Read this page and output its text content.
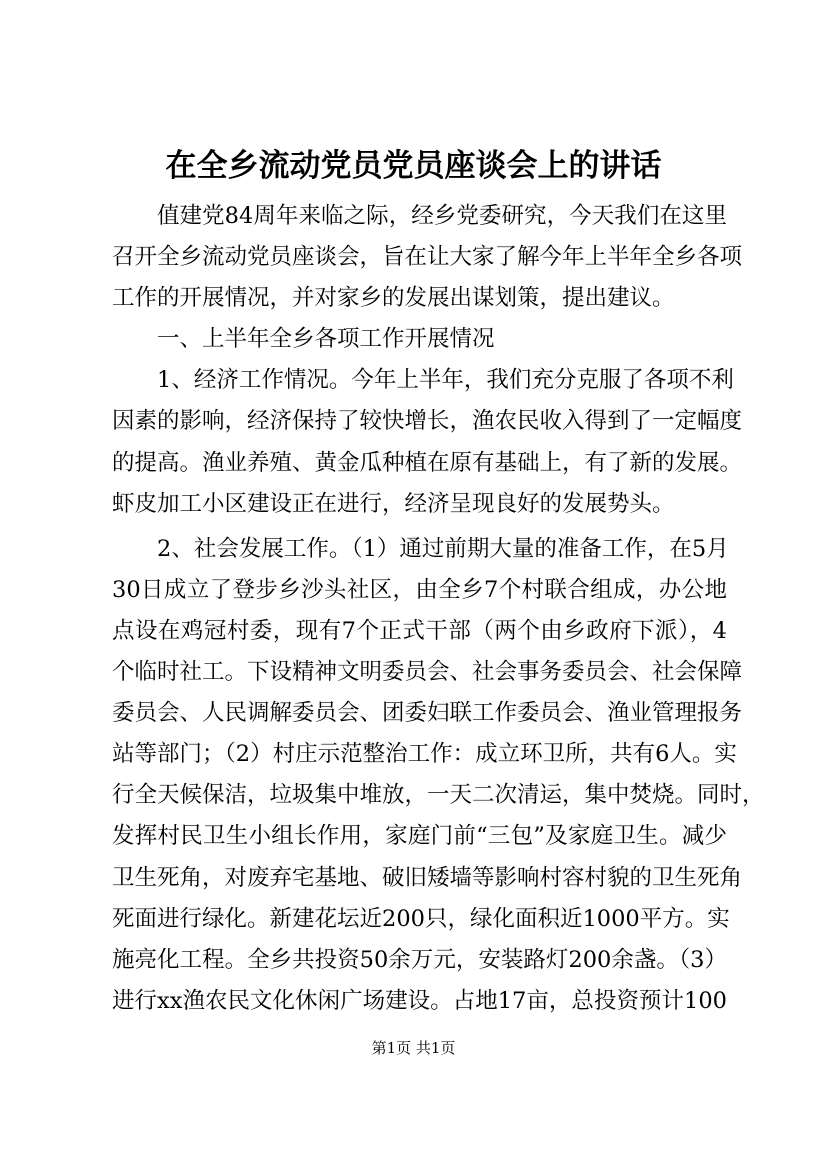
在全乡流动党员党员座谈会上的讲话
值建党84周年来临之际，经乡党委研究，今天我们在这里
召开全乡流动党员座谈会，旨在让大家了解今年上半年全乡各项
工作的开展情况，并对家乡的发展出谋划策，提出建议。
一、上半年全乡各项工作开展情况
1、经济工作情况。今年上半年，我们充分克服了各项不利
因素的影响，经济保持了较快增长，渔农民收入得到了一定幅度
的提高。渔业养殖、黄金瓜种植在原有基础上，有了新的发展。
虾皮加工小区建设正在进行，经济呈现良好的发展势头。
2、社会发展工作。（1）通过前期大量的准备工作，在5月
30日成立了登步乡沙头社区，由全乡7个村联合组成，办公地
点设在鸡冠村委，现有7个正式干部（两个由乡政府下派），4
个临时社工。下设精神文明委员会、社会事务委员会、社会保障
委员会、人民调解委员会、团委妇联工作委员会、渔业管理报务
站等部门；（2）村庄示范整治工作：成立环卫所，共有6人。实
行全天候保洁，垃圾集中堆放，一天二次清运，集中焚烧。同时，
发挥村民卫生小组长作用，家庭门前“三包”及家庭卫生。减少
卫生死角，对废弃宅基地、破旧矮墙等影响村容村貌的卫生死角
死面进行绿化。新建花坛近200只，绿化面积近1000平方。实
施亮化工程。全乡共投资50余万元，安装路灯200余盏。（3）
进行xx渔农民文化休闲广场建设。占地17亩，总投资预计100
第1页 共1页
